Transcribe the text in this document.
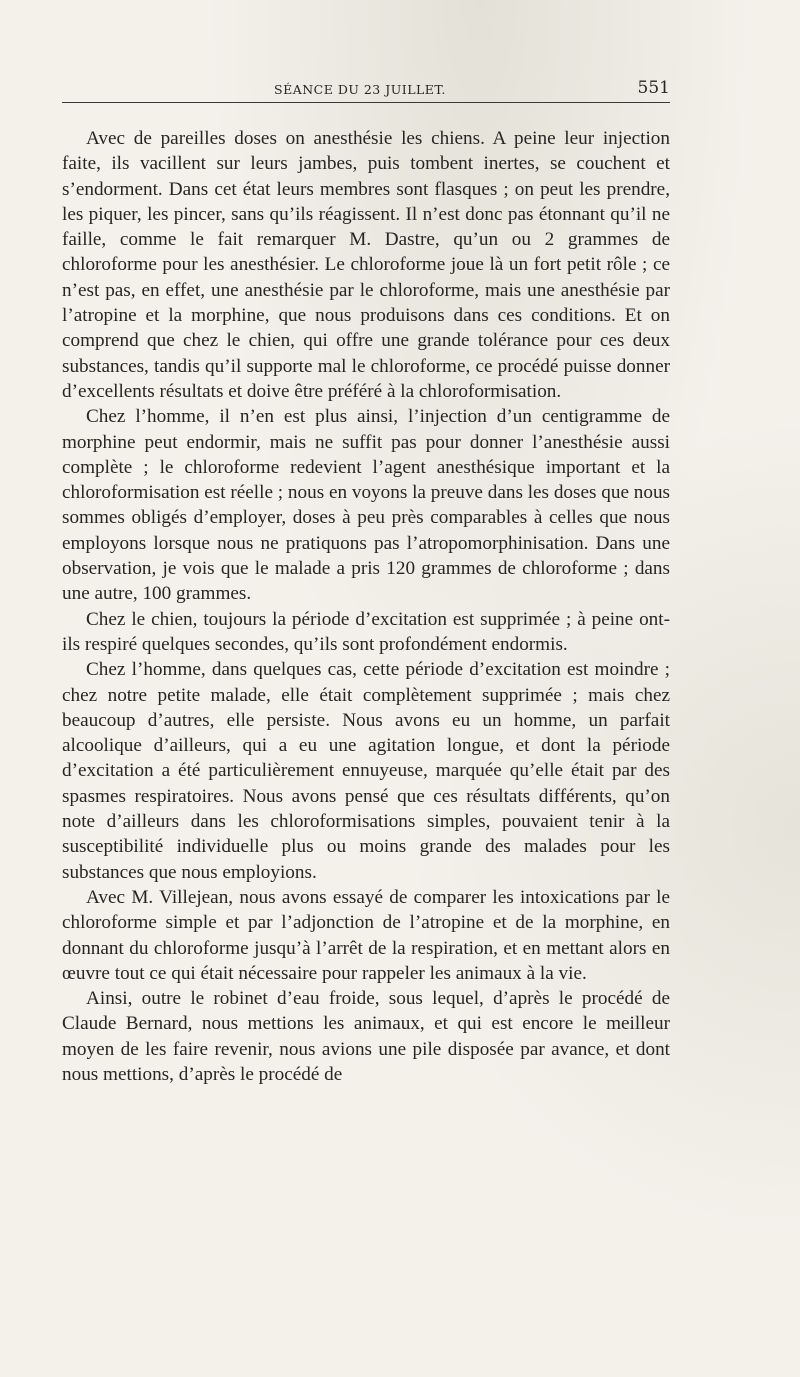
SÉANCE DU 23 JUILLET.	551

Avec de pareilles doses on anesthésie les chiens. A peine leur injection faite, ils vacillent sur leurs jambes, puis tombent inertes, se couchent et s’endorment. Dans cet état leurs membres sont flasques ; on peut les prendre, les piquer, les pincer, sans qu’ils réagissent. Il n’est donc pas étonnant qu’il ne faille, comme le fait remarquer M. Dastre, qu’un ou 2 grammes de chloroforme pour les anesthésier. Le chloroforme joue là un fort petit rôle ; ce n’est pas, en effet, une anesthésie par le chloroforme, mais une anesthésie par l’atropine et la morphine, que nous produisons dans ces conditions. Et on comprend que chez le chien, qui offre une grande tolérance pour ces deux substances, tandis qu’il supporte mal le chloroforme, ce procédé puisse donner d’excellents résultats et doive être préféré à la chloroformisation.

Chez l’homme, il n’en est plus ainsi, l’injection d’un centigramme de morphine peut endormir, mais ne suffit pas pour donner l’anesthésie aussi complète ; le chloroforme redevient l’agent anesthésique important et la chloroformisation est réelle ; nous en voyons la preuve dans les doses que nous sommes obligés d’employer, doses à peu près comparables à celles que nous employons lorsque nous ne pratiquons pas l’atropomorphinisation. Dans une observation, je vois que le malade a pris 120 grammes de chloroforme ; dans une autre, 100 grammes.

Chez le chien, toujours la période d’excitation est supprimée ; à peine ont-ils respiré quelques secondes, qu’ils sont profondément endormis.

Chez l’homme, dans quelques cas, cette période d’excitation est moindre ; chez notre petite malade, elle était complètement supprimée ; mais chez beaucoup d’autres, elle persiste. Nous avons eu un homme, un parfait alcoolique d’ailleurs, qui a eu une agitation longue, et dont la période d’excitation a été particulièrement ennuyeuse, marquée qu’elle était par des spasmes respiratoires. Nous avons pensé que ces résultats différents, qu’on note d’ailleurs dans les chloroformisations simples, pouvaient tenir à la susceptibilité individuelle plus ou moins grande des malades pour les substances que nous employions.

Avec M. Villejean, nous avons essayé de comparer les intoxications par le chloroforme simple et par l’adjonction de l’atropine et de la morphine, en donnant du chloroforme jusqu’à l’arrêt de la respiration, et en mettant alors en œuvre tout ce qui était nécessaire pour rappeler les animaux à la vie.

Ainsi, outre le robinet d’eau froide, sous lequel, d’après le procédé de Claude Bernard, nous mettions les animaux, et qui est encore le meilleur moyen de les faire revenir, nous avions une pile disposée par avance, et dont nous mettions, d’après le procédé de
